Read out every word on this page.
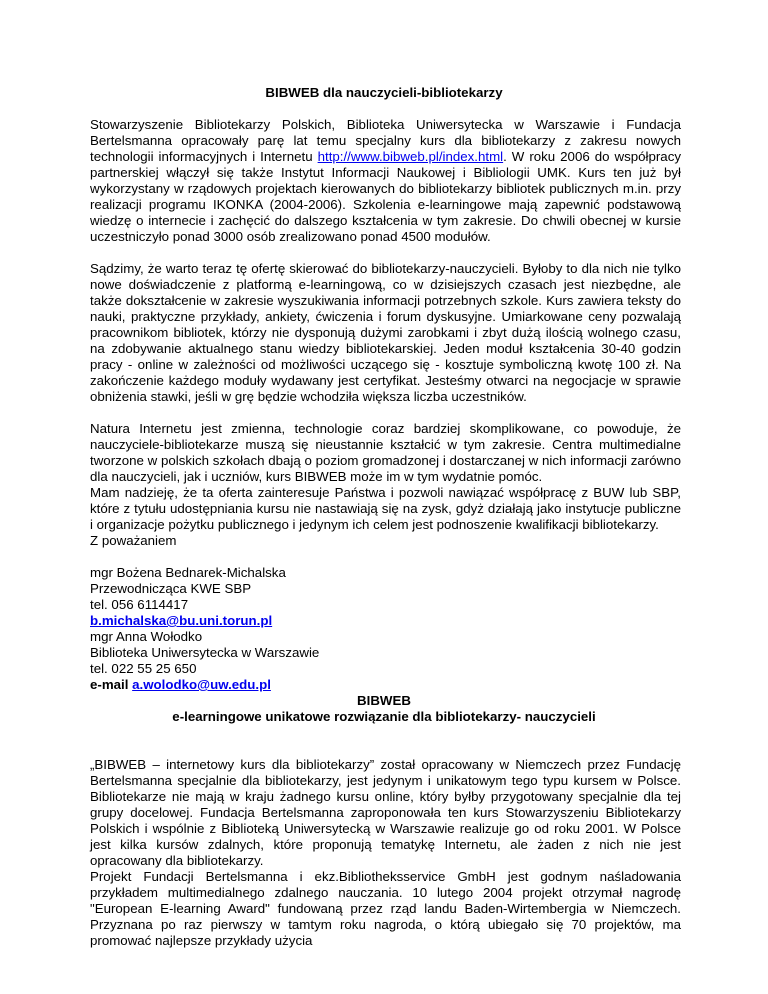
BIBWEB dla nauczycieli-bibliotekarzy

Stowarzyszenie Bibliotekarzy Polskich, Biblioteka Uniwersytecka w Warszawie i Fundacja Bertelsmanna opracowały parę lat temu specjalny kurs dla bibliotekarzy z zakresu nowych technologii informacyjnych i Internetu http://www.bibweb.pl/index.html. W roku 2006 do współpracy partnerskiej włączył się także Instytut Informacji Naukowej i Bibliologii UMK. Kurs ten już był wykorzystany w rządowych projektach kierowanych do bibliotekarzy bibliotek publicznych m.in. przy realizacji programu IKONKA (2004-2006). Szkolenia e-learningowe mają zapewnić podstawową wiedzę o internecie i zachęcić do dalszego kształcenia w tym zakresie. Do chwili obecnej w kursie uczestniczyło ponad 3000 osób zrealizowano ponad 4500 modułów.

Sądzimy, że warto teraz tę ofertę skierować do bibliotekarzy-nauczycieli. Byłoby to dla nich nie tylko nowe doświadczenie z platformą e-learningową, co w dzisiejszych czasach jest niezbędne, ale także dokształcenie w zakresie wyszukiwania informacji potrzebnych szkole. Kurs zawiera teksty do nauki, praktyczne przykłady, ankiety, ćwiczenia i forum dyskusyjne. Umiarkowane ceny pozwalają pracownikom bibliotek, którzy nie dysponują dużymi zarobkami i zbyt dużą ilością wolnego czasu, na zdobywanie aktualnego stanu wiedzy bibliotekarskiej. Jeden moduł kształcenia 30-40 godzin pracy - online w zależności od możliwości uczącego się - kosztuje symboliczną kwotę 100 zł. Na zakończenie każdego moduły wydawany jest certyfikat. Jesteśmy otwarci na negocjacje w sprawie obniżenia stawki, jeśli w grę będzie wchodziła większa liczba uczestników.

Natura Internetu jest zmienna, technologie coraz bardziej skomplikowane, co powoduje, że nauczyciele-bibliotekarze muszą się nieustannie kształcić w tym zakresie. Centra multimedialne tworzone w polskich szkołach dbają o poziom gromadzonej i dostarczanej w nich informacji zarówno dla nauczycieli, jak i uczniów, kurs BIBWEB może im w tym wydatnie pomóc.

Mam nadzieję, że ta oferta zainteresuje Państwa i pozwoli nawiązać współpracę z BUW lub SBP, które z tytułu udostępniania kursu nie nastawiają się na zysk, gdyż działają jako instytucje publiczne i organizacje pożytku publicznego i jedynym ich celem jest podnoszenie kwalifikacji bibliotekarzy.

Z poważaniem

mgr Bożena Bednarek-Michalska
Przewodnicząca KWE SBP
tel. 056 6114417
b.michalska@bu.uni.torun.pl
mgr Anna Wołodko
Biblioteka Uniwersytecka w Warszawie
tel. 022 55 25 650
e-mail a.wolodko@uw.edu.pl

BIBWEB

e-learningowe unikatowe rozwiązanie dla bibliotekarzy- nauczycieli

„BIBWEB – internetowy kurs dla bibliotekarzy” został opracowany w Niemczech przez Fundację Bertelsmanna specjalnie dla bibliotekarzy, jest jedynym i unikatowym tego typu kursem w Polsce. Bibliotekarze nie mają w kraju żadnego kursu online, który byłby przygotowany specjalnie dla tej grupy docelowej. Fundacja Bertelsmanna zaproponowała ten kurs Stowarzyszeniu Bibliotekarzy Polskich i wspólnie z Biblioteką Uniwersytecką w Warszawie realizuje go od roku 2001. W Polsce jest kilka kursów zdalnych, które proponują tematykę Internetu, ale żaden z nich nie jest opracowany dla bibliotekarzy.

Projekt Fundacji Bertelsmanna i ekz.Bibliotheksservice GmbH jest godnym naśladowania przykładem multimedialnego zdalnego nauczania. 10 lutego 2004 projekt otrzymał nagrodę "European E-learning Award" fundowaną przez rząd landu Baden-Wirtembergia w Niemczech. Przyznana po raz pierwszy w tamtym roku nagroda, o którą ubiegało się 70 projektów, ma promować najlepsze przykłady użycia
